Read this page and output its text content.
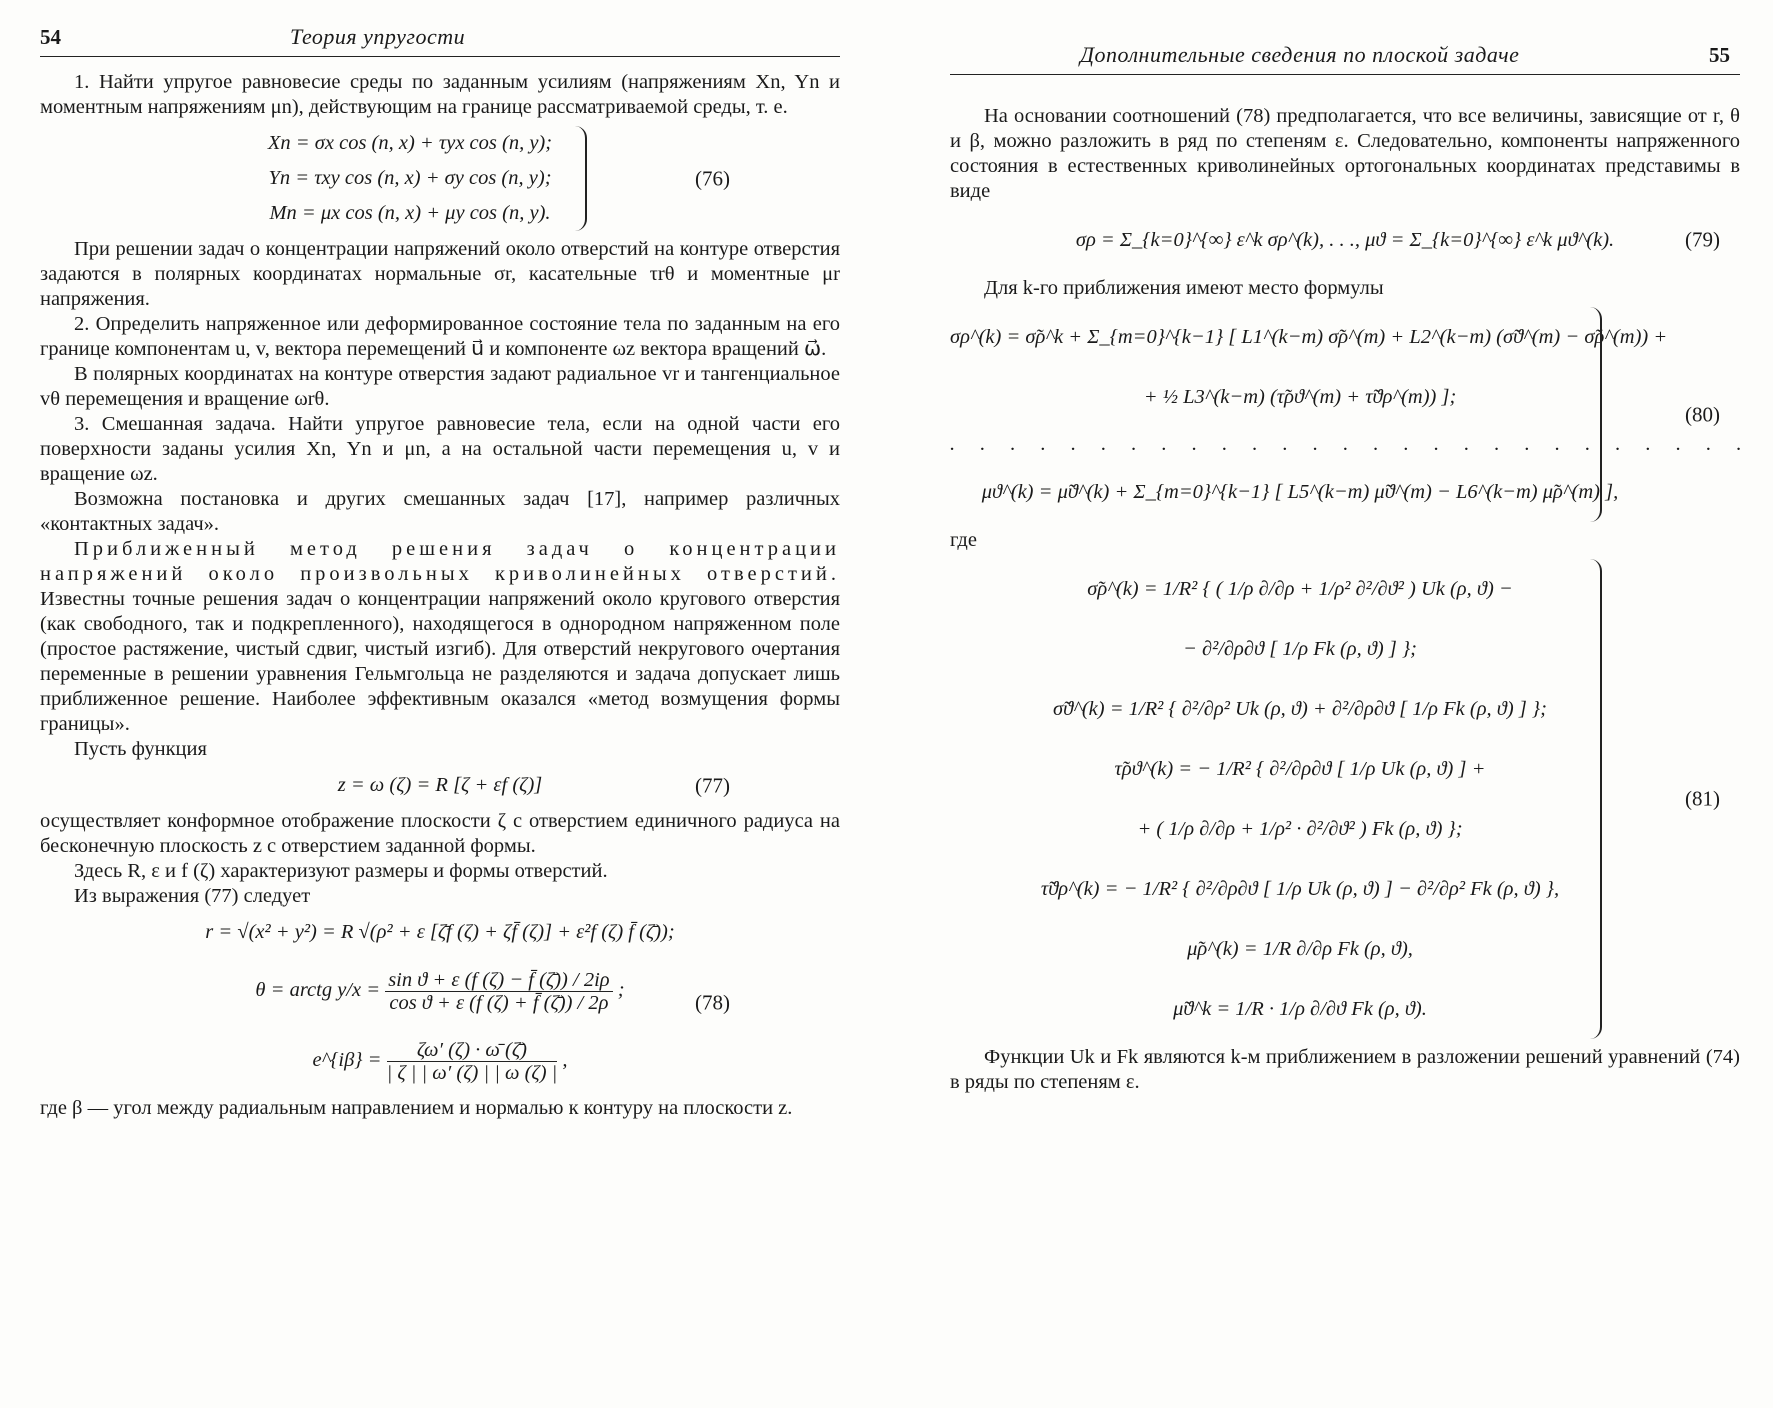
54	Теория упругости

1. Найти упругое равновесие среды по заданным усилиям (напряжениям Xn, Yn и моментным напряжениям μn), действующим на границе рассматриваемой среды, т. е.

Xn = σx cos (n, x) + τyx cos (n, y);
Yn = τxy cos (n, x) + σy cos (n, y);
Mn = μx cos (n, x) + μy cos (n, y).
(76)

При решении задач о концентрации напряжений около отверстий на контуре отверстия задаются в полярных координатах нормальные σr, касательные τrθ и моментные μr напряжения.

2. Определить напряженное или деформированное состояние тела по заданным на его границе компонентам u, v, вектора перемещений u⃗ и компоненте ωz вектора вращений ω⃗.

В полярных координатах на контуре отверстия задают радиальное vr и тангенциальное vθ перемещения и вращение ωrθ.

3. Смешанная задача. Найти упругое равновесие тела, если на одной части его поверхности заданы усилия Xn, Yn и μn, а на остальной части перемещения u, v и вращение ωz.

Возможна постановка и других смешанных задач [17], например различных «контактных задач».

Приближенный метод решения задач о концентрации напряжений около произвольных криволинейных отверстий. Известны точные решения задач о концентрации напряжений около кругового отверстия (как свободного, так и подкрепленного), находящегося в однородном напряженном поле (простое растяжение, чистый сдвиг, чистый изгиб). Для отверстий некругового очертания переменные в решении уравнения Гельмгольца не разделяются и задача допускает лишь приближенное решение. Наиболее эффективным оказался «метод возмущения формы границы».

Пусть функция

z = ω (ζ) = R [ζ + εf (ζ)]	(77)

осуществляет конформное отображение плоскости ζ с отверстием единичного радиуса на бесконечную плоскость z с отверстием заданной формы.

Здесь R, ε и f (ζ) характеризуют размеры и формы отверстий.

Из выражения (77) следует

r = √(x² + y²) = R √(ρ² + ε [ζ̄f (ζ) + ζf̄ (ζ)] + ε²f (ζ) f̄ (ζ̄));
θ = arctg $y/x = \frac{\text{sin ϑ + ε (f (ζ) − f̄ (ζ̄)) / 2iρ}}{\text{cos ϑ + ε (f (ζ) + f̄ (ζ̄)) / 2ρ}}$ ;
e^{iβ} = $\frac{\zeta\omega' (\zeta) \cdot \omegā (\zetā)}{| \zeta | | \omega' (\zeta) | | \omega (\zeta) |}$ ,
(78)

где β — угол между радиальным направлением и нормалью к контуру на плоскости z.

Дополнительные сведения по плоской задаче	55

На основании соотношений (78) предполагается, что все величины, зависящие от r, θ и β, можно разложить в ряд по степеням ε. Следовательно, компоненты напряженного состояния в естественных криволинейных ортогональных координатах представимы в виде

σρ = Σ_{k=0}^{∞} ε^k σρ^(k), . . ., μϑ = Σ_{k=0}^{∞} ε^k μϑ^(k).	(79)

Для k-го приближения имеют место формулы

σρ^(k) = σ̃ρ^k + Σ_{m=0}^{k−1} [ L1^(k−m) σ̃ρ^(m) + L2^(k−m) (σ̃ϑ^(m) − σ̃ρ^(m)) +
+ ½ L3^(k−m) (τ̃ρϑ^(m) + τ̃ϑρ^(m)) ];
. . . . . . . . . . . . . . . . . . . . . . . . . . .
μϑ^(k) = μ̃ϑ^(k) + Σ_{m=0}^{k−1} [ L5^(k−m) μ̃ϑ^(m) − L6^(k−m) μ̃ρ^(m) ],
(80)

где

σ̃ρ^(k) = 1/R² { ( 1/ρ ∂/∂ρ + 1/ρ² ∂²/∂ϑ² ) Uk (ρ, ϑ) −
− ∂²/∂ρ∂ϑ [ 1/ρ Fk (ρ, ϑ) ] };
σ̃ϑ^(k) = 1/R² { ∂²/∂ρ² Uk (ρ, ϑ) + ∂²/∂ρ∂ϑ [ 1/ρ Fk (ρ, ϑ) ] };
τ̃ρϑ^(k) = − 1/R² { ∂²/∂ρ∂ϑ [ 1/ρ Uk (ρ, ϑ) ] +
+ ( 1/ρ ∂/∂ρ + 1/ρ² · ∂²/∂ϑ² ) Fk (ρ, ϑ) };
τ̃ϑρ^(k) = − 1/R² { ∂²/∂ρ∂ϑ [ 1/ρ Uk (ρ, ϑ) ] − ∂²/∂ρ² Fk (ρ, ϑ) },
μ̃ρ^(k) = 1/R ∂/∂ρ Fk (ρ, ϑ),
μ̃ϑ^k = 1/R · 1/ρ ∂/∂ϑ Fk (ρ, ϑ).
(81)

Функции Uk и Fk являются k-м приближением в разложении решений уравнений (74) в ряды по степеням ε.
